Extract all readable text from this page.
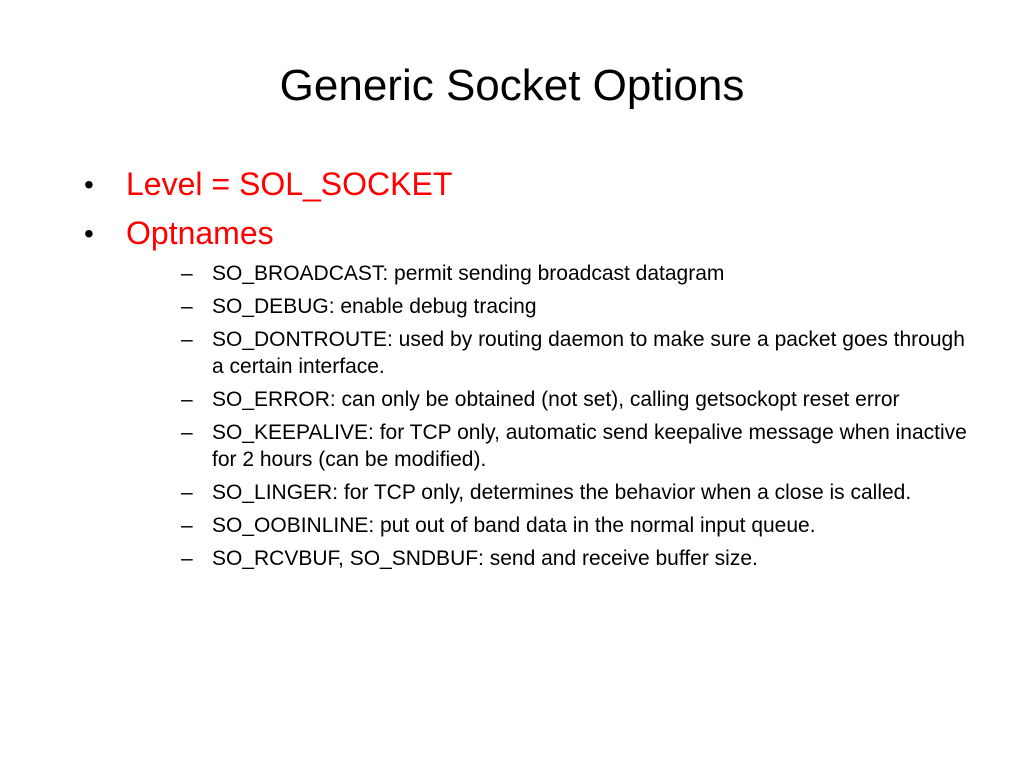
Generic Socket Options
•	Level = SOL_SOCKET
•	Optnames
– SO_BROADCAST: permit sending broadcast datagram
– SO_DEBUG: enable debug tracing
– SO_DONTROUTE: used by routing daemon to make sure a packet goes through a certain interface.
– SO_ERROR: can only be obtained (not set), calling getsockopt reset error
– SO_KEEPALIVE: for TCP only, automatic send keepalive message when inactive for 2 hours (can be modified).
– SO_LINGER: for TCP only, determines the behavior when a close is called.
– SO_OOBINLINE: put out of band data in the normal input queue.
– SO_RCVBUF, SO_SNDBUF: send and receive buffer size.
